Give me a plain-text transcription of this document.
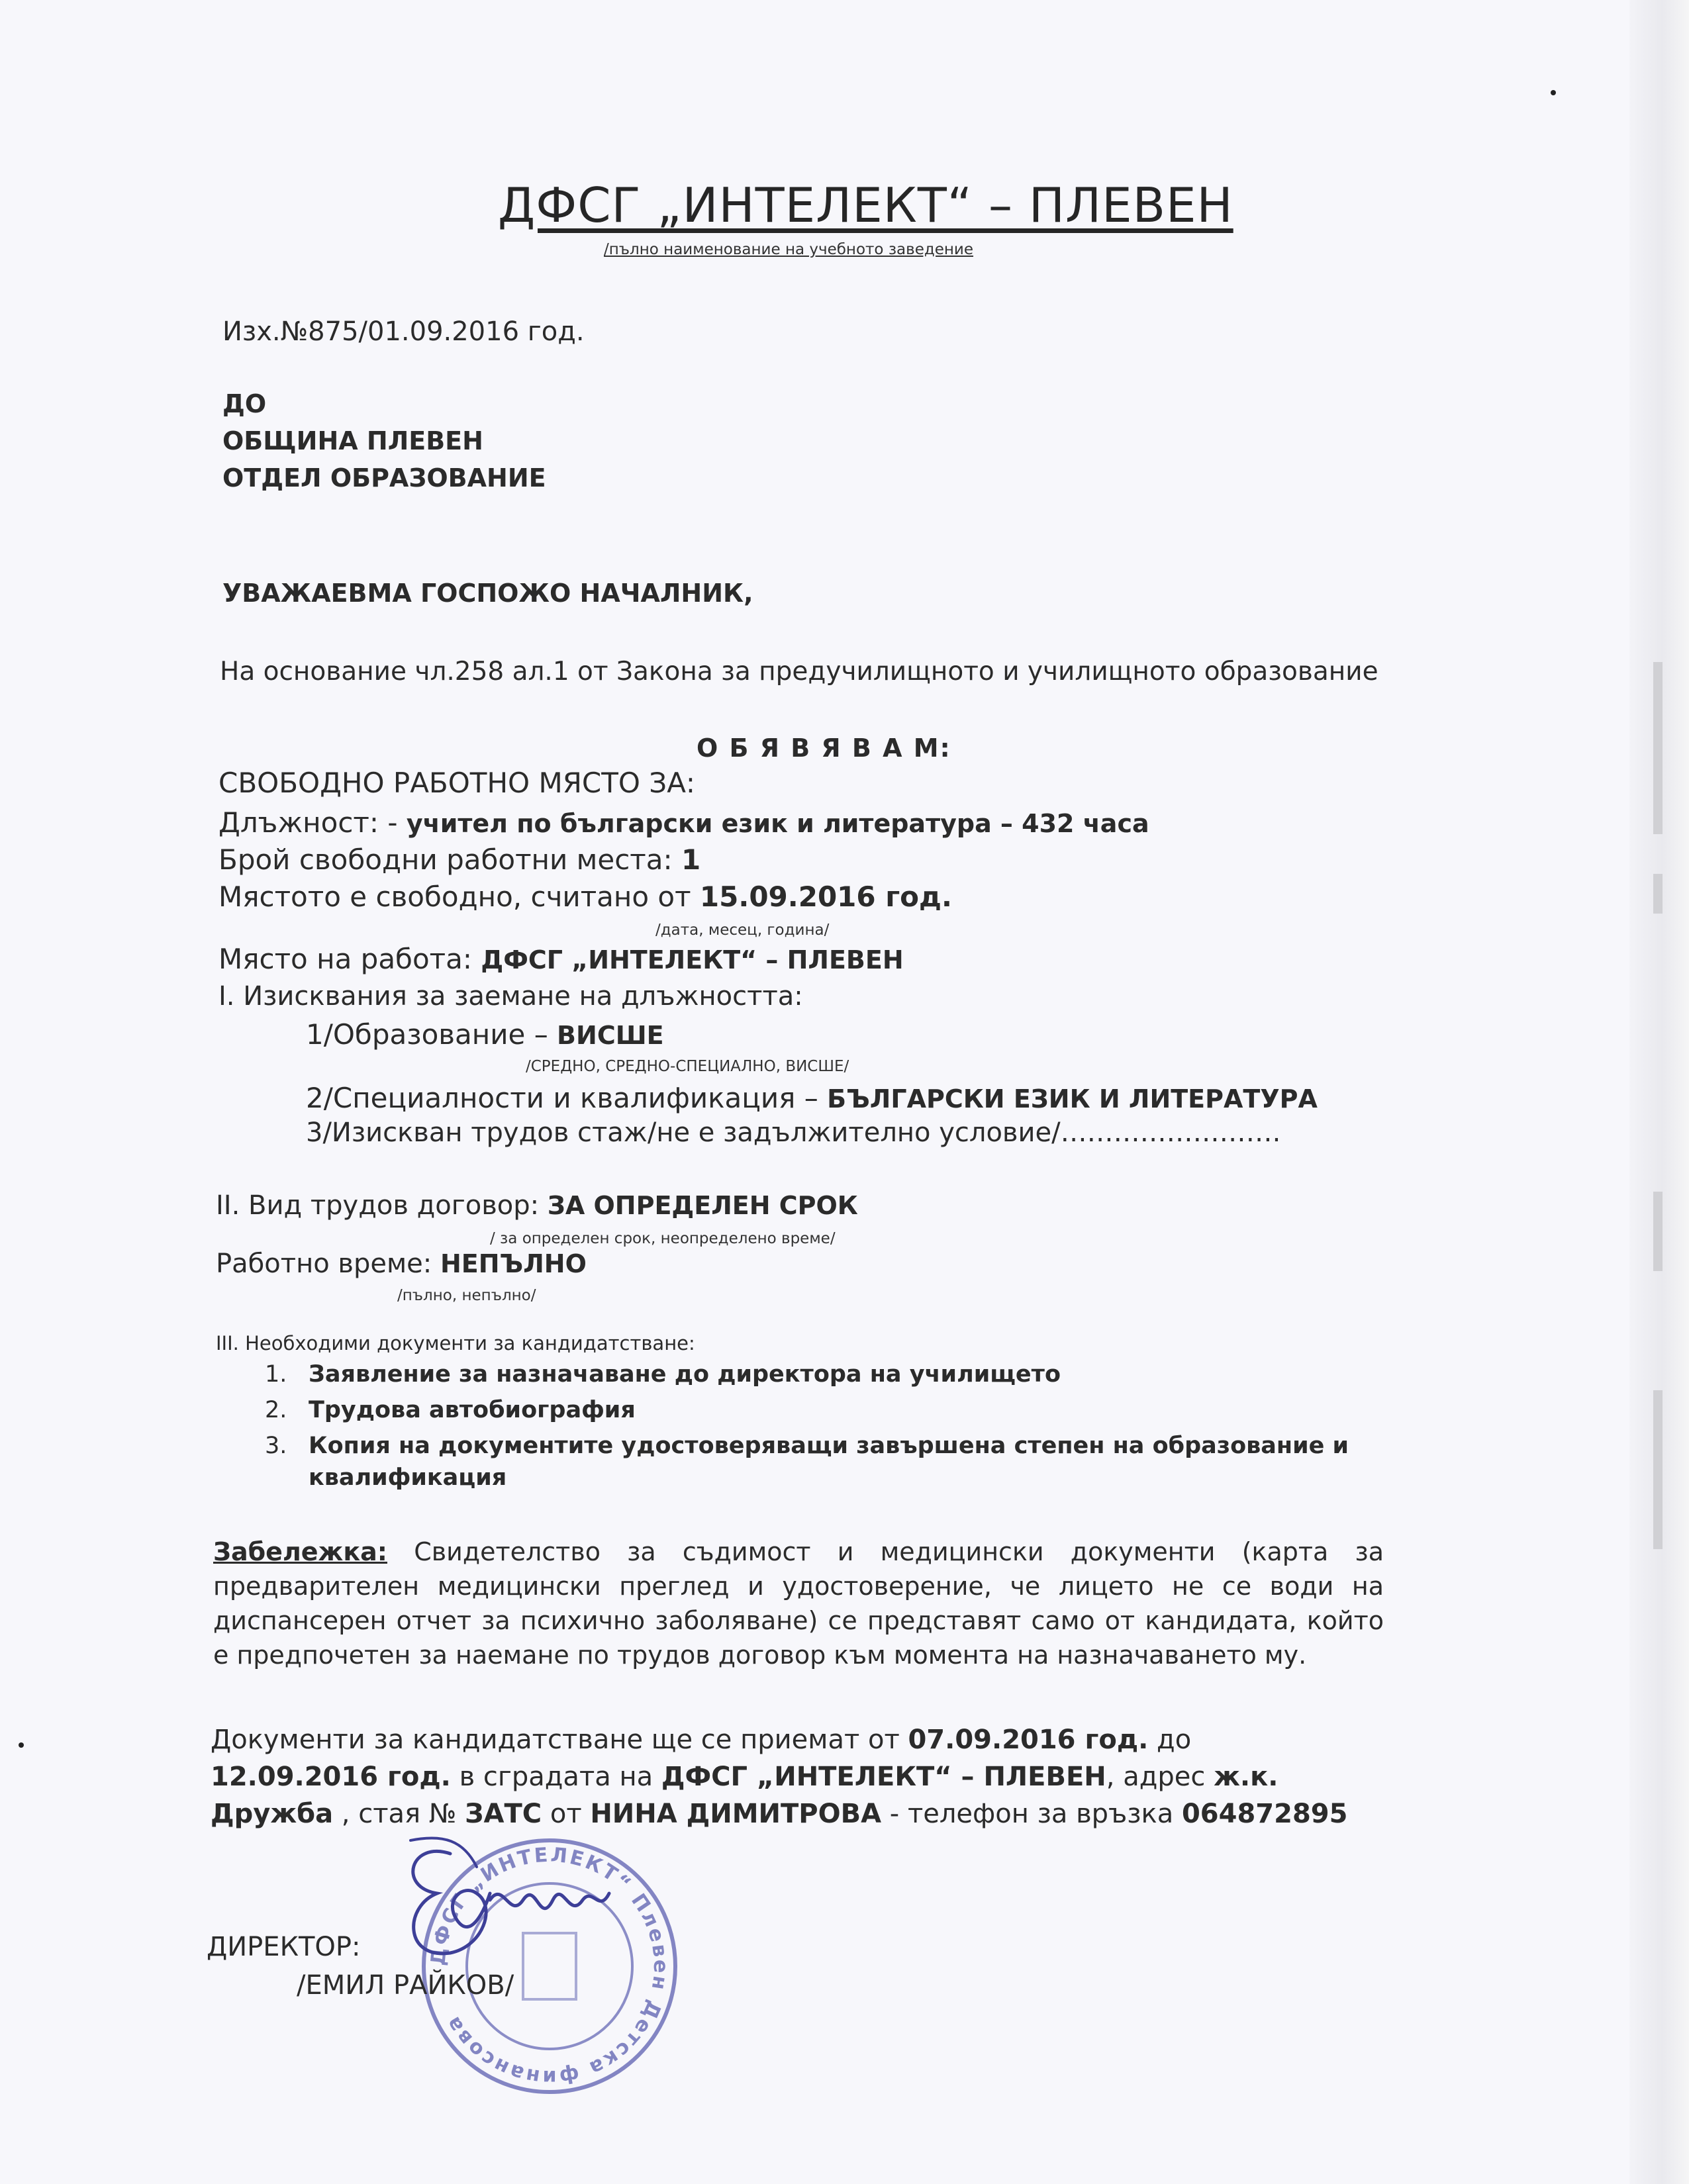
ДФСГ „ИНТЕЛЕКТ“ – ПЛЕВЕН
/пълно наименование на учебното заведение
Изх.№875/01.09.2016 год.
ДО
ОБЩИНА ПЛЕВЕН
ОТДЕЛ ОБРАЗОВАНИЕ
УВАЖАЕВМА ГОСПОЖО НАЧАЛНИК,
На основание чл.258 ал.1 от Закона за предучилищното и училищното образование
О Б Я В Я В А М:
СВОБОДНО РАБОТНО МЯСТО ЗА:
Длъжност: - учител по български език и литература – 432 часа
Брой свободни работни места: 1
Мястото е свободно, считано от 15.09.2016 год.
/дата, месец, година/
Място на работа: ДФСГ „ИНТЕЛЕКТ“ – ПЛЕВЕН
I. Изисквания за заемане на длъжността:
1/Образование – ВИСШЕ
/СРЕДНО, СРЕДНО-СПЕЦИАЛНО, ВИСШЕ/
2/Специалности и квалификация – БЪЛГАРСКИ ЕЗИК И ЛИТЕРАТУРА
3/Изискван трудов стаж/не е задължително условие/…………………….
II. Вид трудов договор: ЗА ОПРЕДЕЛЕН СРОК
/ за определен срок, неопределено време/
Работно време: НЕПЪЛНО
/пълно, непълно/
III. Необходими документи за кандидатстване:
1. Заявление за назначаване до директора на училището
2. Трудова автобиография
3. Копия на документите удостоверяващи завършена степен на образование и квалификация
Забележка: Свидетелство за съдимост и медицински документи (карта за предварителен медицински преглед и удостоверение, че лицето не се води на диспансерен отчет за психично заболяване) се представят само от кандидата, който е предпочетен за наемане по трудов договор към момента на назначаването му.
Документи за кандидатстване ще се приемат от 07.09.2016 год. до 12.09.2016 год. в сградата на ДФСГ „ИНТЕЛЕКТ“ – ПЛЕВЕН, адрес ж.к. Дружба , стая № ЗАТС от НИНА ДИМИТРОВА - телефон за връзка 064872895
ДФСГ „ИНТЕЛЕКТ“ Плевен Детска финансова
ДИРЕКТОР:
/ЕМИЛ РАЙКОВ/
